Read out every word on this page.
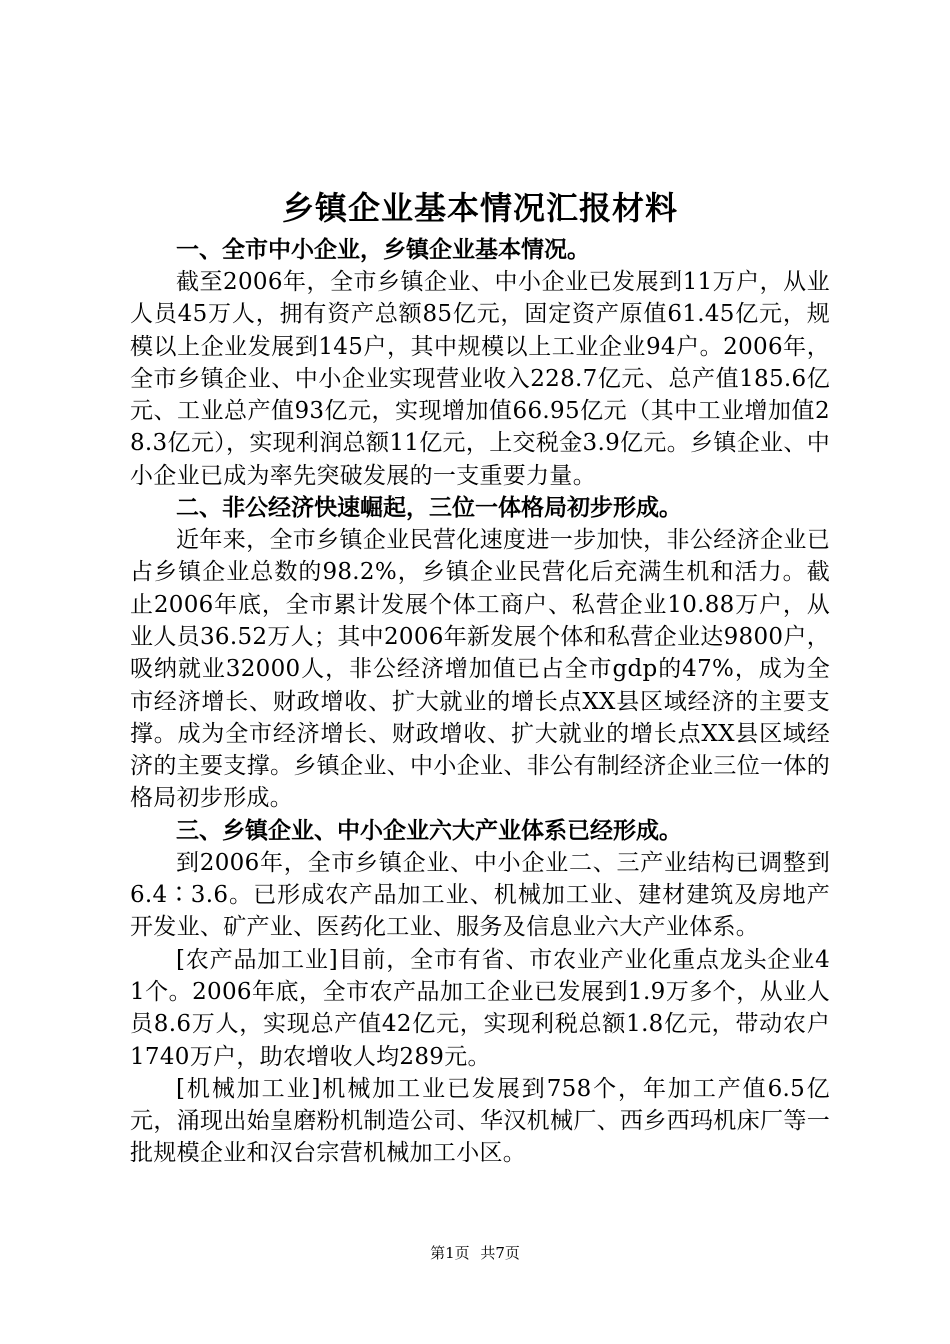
乡镇企业基本情况汇报材料

一、全市中小企业，乡镇企业基本情况。

截至2006年，全市乡镇企业、中小企业已发展到11万户，从业人员45万人，拥有资产总额85亿元，固定资产原值61.45亿元，规模以上企业发展到145户，其中规模以上工业企业94户。2006年，全市乡镇企业、中小企业实现营业收入228.7亿元、总产值185.6亿元、工业总产值93亿元，实现增加值66.95亿元（其中工业增加值28.3亿元），实现利润总额11亿元，上交税金3.9亿元。乡镇企业、中小企业已成为率先突破发展的一支重要力量。

二、非公经济快速崛起，三位一体格局初步形成。

近年来，全市乡镇企业民营化速度进一步加快，非公经济企业已占乡镇企业总数的98.2%，乡镇企业民营化后充满生机和活力。截止2006年底，全市累计发展个体工商户、私营企业10.88万户，从业人员36.52万人；其中2006年新发展个体和私营企业达9800户，吸纳就业32000人，非公经济增加值已占全市gdp的47%，成为全市经济增长、财政增收、扩大就业的增长点XX县区域经济的主要支撑。成为全市经济增长、财政增收、扩大就业的增长点XX县区域经济的主要支撑。乡镇企业、中小企业、非公有制经济企业三位一体的格局初步形成。

三、乡镇企业、中小企业六大产业体系已经形成。

到2006年，全市乡镇企业、中小企业二、三产业结构已调整到6.4∶3.6。已形成农产品加工业、机械加工业、建材建筑及房地产开发业、矿产业、医药化工业、服务及信息业六大产业体系。

[农产品加工业]目前，全市有省、市农业产业化重点龙头企业41个。2006年底，全市农产品加工企业已发展到1.9万多个，从业人员8.6万人，实现总产值42亿元，实现利税总额1.8亿元，带动农户1740万户，助农增收人均289元。

[机械加工业]机械加工业已发展到758个，年加工产值6.5亿元，涌现出始皇磨粉机制造公司、华汉机械厂、西乡西玛机床厂等一批规模企业和汉台宗营机械加工小区。

第1页 共7页
